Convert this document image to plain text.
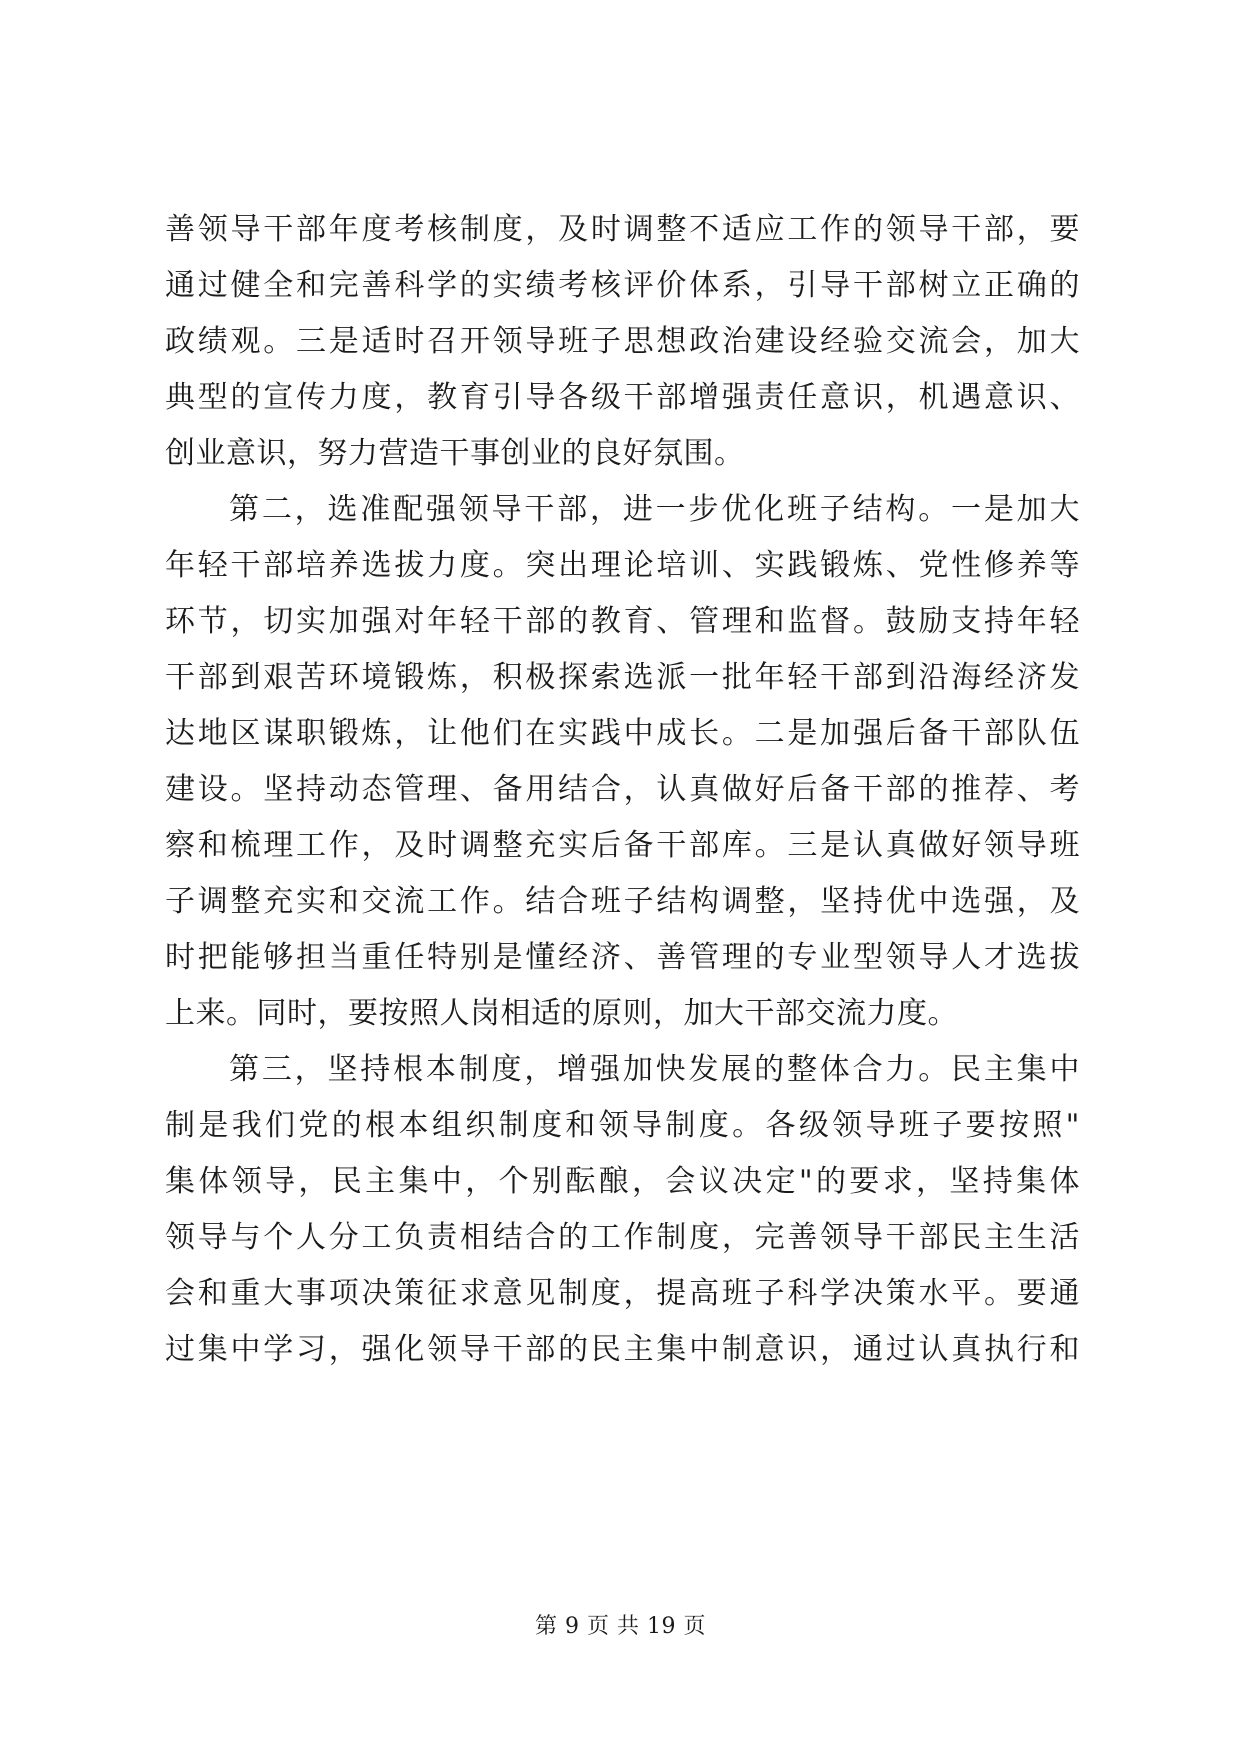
善领导干部年度考核制度，及时调整不适应工作的领导干部，要
通过健全和完善科学的实绩考核评价体系，引导干部树立正确的
政绩观。三是适时召开领导班子思想政治建设经验交流会，加大
典型的宣传力度，教育引导各级干部增强责任意识，机遇意识、
创业意识，努力营造干事创业的良好氛围。
第二，选准配强领导干部，进一步优化班子结构。一是加大
年轻干部培养选拔力度。突出理论培训、实践锻炼、党性修养等
环节，切实加强对年轻干部的教育、管理和监督。鼓励支持年轻
干部到艰苦环境锻炼，积极探索选派一批年轻干部到沿海经济发
达地区谋职锻炼，让他们在实践中成长。二是加强后备干部队伍
建设。坚持动态管理、备用结合，认真做好后备干部的推荐、考
察和梳理工作，及时调整充实后备干部库。三是认真做好领导班
子调整充实和交流工作。结合班子结构调整，坚持优中选强，及
时把能够担当重任特别是懂经济、善管理的专业型领导人才选拔
上来。同时，要按照人岗相适的原则，加大干部交流力度。
第三，坚持根本制度，增强加快发展的整体合力。民主集中
制是我们党的根本组织制度和领导制度。各级领导班子要按照"
集体领导，民主集中，个别酝酿，会议决定"的要求，坚持集体
领导与个人分工负责相结合的工作制度，完善领导干部民主生活
会和重大事项决策征求意见制度，提高班子科学决策水平。要通
过集中学习，强化领导干部的民主集中制意识，通过认真执行和
第 9 页 共 19 页
